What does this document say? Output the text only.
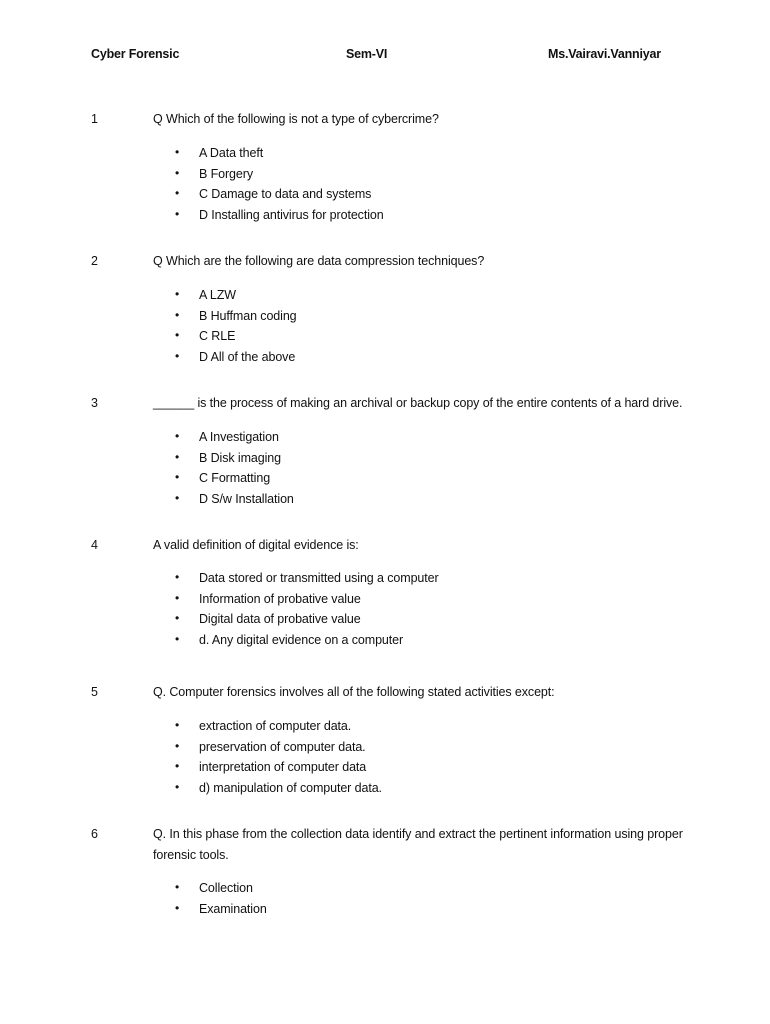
Cyber Forensic	Sem-VI	Ms.Vairavi.Vanniyar
1	Q Which of the following is not a type of cybercrime?
• A Data theft
• B Forgery
• C Damage to data and systems
• D Installing antivirus for protection
2	Q Which are the following are data compression techniques?
• A LZW
• B Huffman coding
• C RLE
• D All of the above
3	______ is the process of making an archival or backup copy of the entire contents of a hard drive.
• A Investigation
• B Disk imaging
• C Formatting
• D S/w Installation
4	A valid definition of digital evidence is:
• Data stored or transmitted using a computer
• Information of probative value
• Digital data of probative value
• d. Any digital evidence on a computer
5	Q. Computer forensics involves all of the following stated activities except:
• extraction of computer data.
• preservation of computer data.
• interpretation of computer data
• d) manipulation of computer data.
6	Q. In this phase from the collection data identify and extract the pertinent information using proper forensic tools.
• Collection
• Examination
